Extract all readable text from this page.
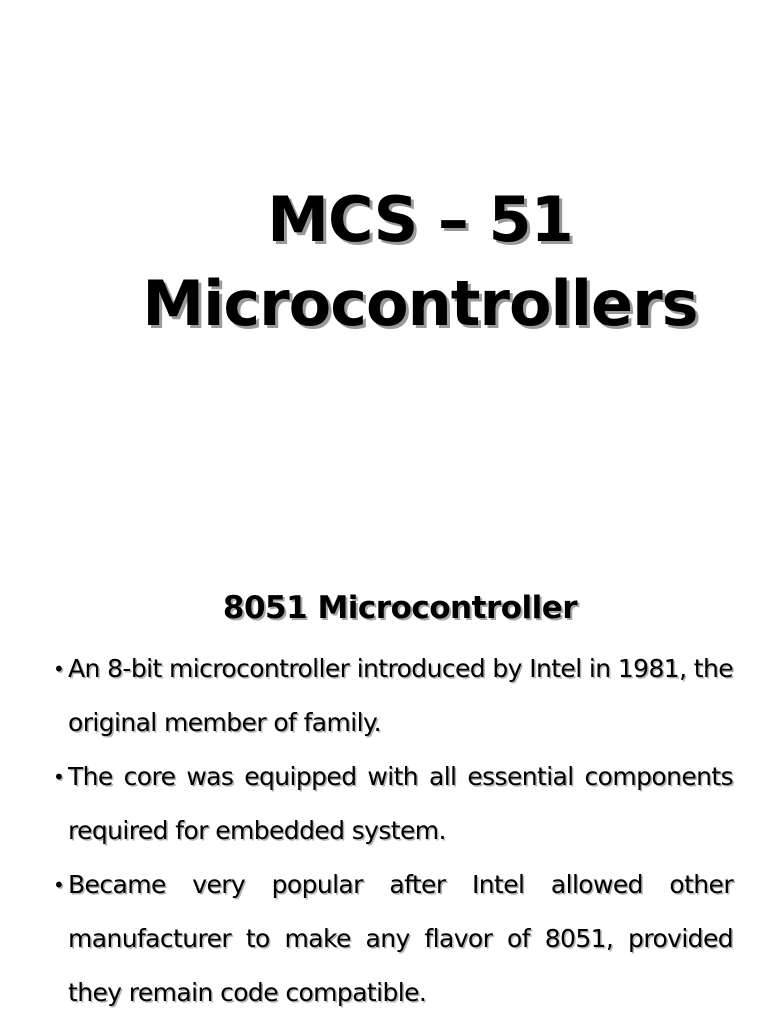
MCS – 51
Microcontrollers
8051 Microcontroller
• An 8-bit microcontroller introduced by Intel in 1981, the original member of family.
• The core was equipped with all essential components required for embedded system.
• Became very popular after Intel allowed other manufacturer to make any flavor of 8051, provided they remain code compatible.
